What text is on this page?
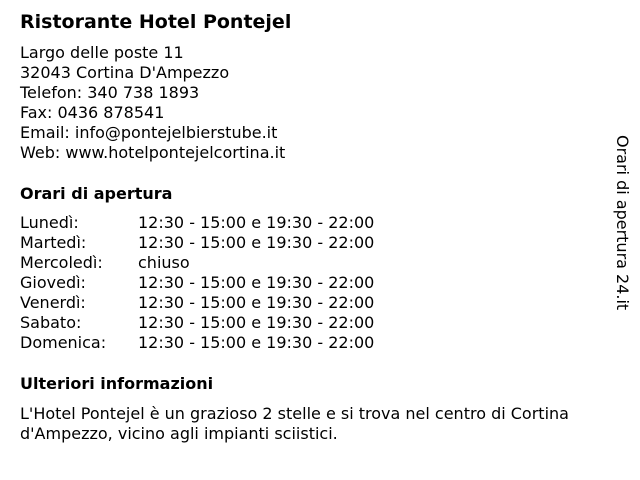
Ristorante Hotel Pontejel
Largo delle poste 11
32043 Cortina D'Ampezzo
Telefon: 340 738 1893
Fax: 0436 878541
Email: info@pontejelbierstube.it
Web: www.hotelpontejelcortina.it
Orari di apertura
Lunedì:	12:30 - 15:00 e 19:30 - 22:00
Martedì:	12:30 - 15:00 e 19:30 - 22:00
Mercoledì: chiuso
Giovedì:	12:30 - 15:00 e 19:30 - 22:00
Venerdì:	12:30 - 15:00 e 19:30 - 22:00
Sabato:	12:30 - 15:00 e 19:30 - 22:00
Domenica: 12:30 - 15:00 e 19:30 - 22:00
Ulteriori informazioni

L'Hotel Pontejel è un grazioso 2 stelle e si trova nel centro di Cortina d'Ampezzo, vicino agli impianti sciistici.

Orari di apertura 24.it
